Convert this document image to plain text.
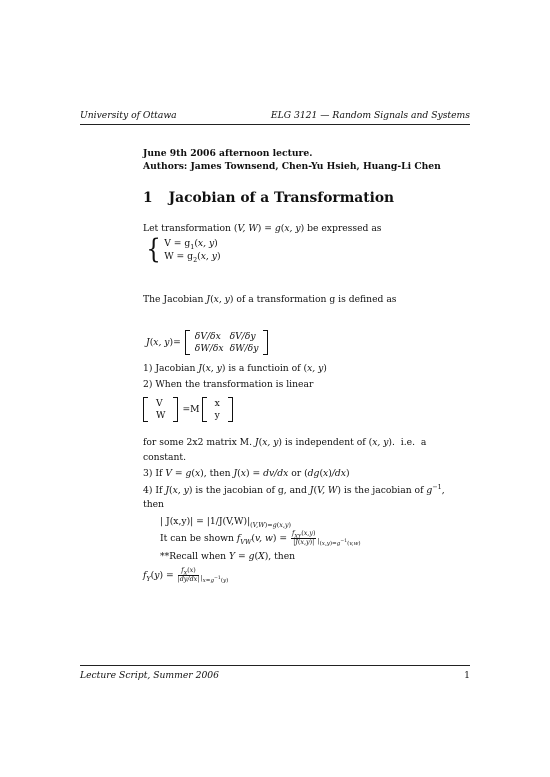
University of Ottawa	ELG 3121 — Random Signals and Systems
June 9th 2006 afternoon lecture.
Authors: James Townsend, Chen-Yu Hsieh, Huang-Li Chen
1 Jacobian of a Transformation
Let transformation (V, W) = g(x, y) be expressed as
{ $V = g_1(x$, y)
$W = g_2(x$, y)
The Jacobian J(x, y) of a transformation g is defined as
J(x, y)=
δV/δx δV/δy
δW/δx δW/δy
1) Jacobian J(x, y) is a functioin of (x, y)
2) When the transformation is linear
V
W =M
x
y
for some 2x2 matrix M. J(x, y) is independent of (x, y).  i.e.  a
constant.
3) If V = g(x), then J(x) = dv/dx or (dg(x)/dx)
4) If J(x, y) is the jacobian of g, and J(V, W) is the jacobian of $g^{-1}$,
then
| $J(x,y)| = |1/J(V,W)|_{(V,W)=g(x,y)}$
It can be shown $f_{VW}(v$, $w) = \frac{f_{XY}(x,y)}{|J(x,y)|} |_{(x,y)=g^{-1}(v,w)}$
**Recall when Y = g(X), then
$f_Y(y) = \frac{f_X(x)}{|dy/dx|} |_{x=g^{-1}(y)}$
Lecture Script, Summer 2006	1
